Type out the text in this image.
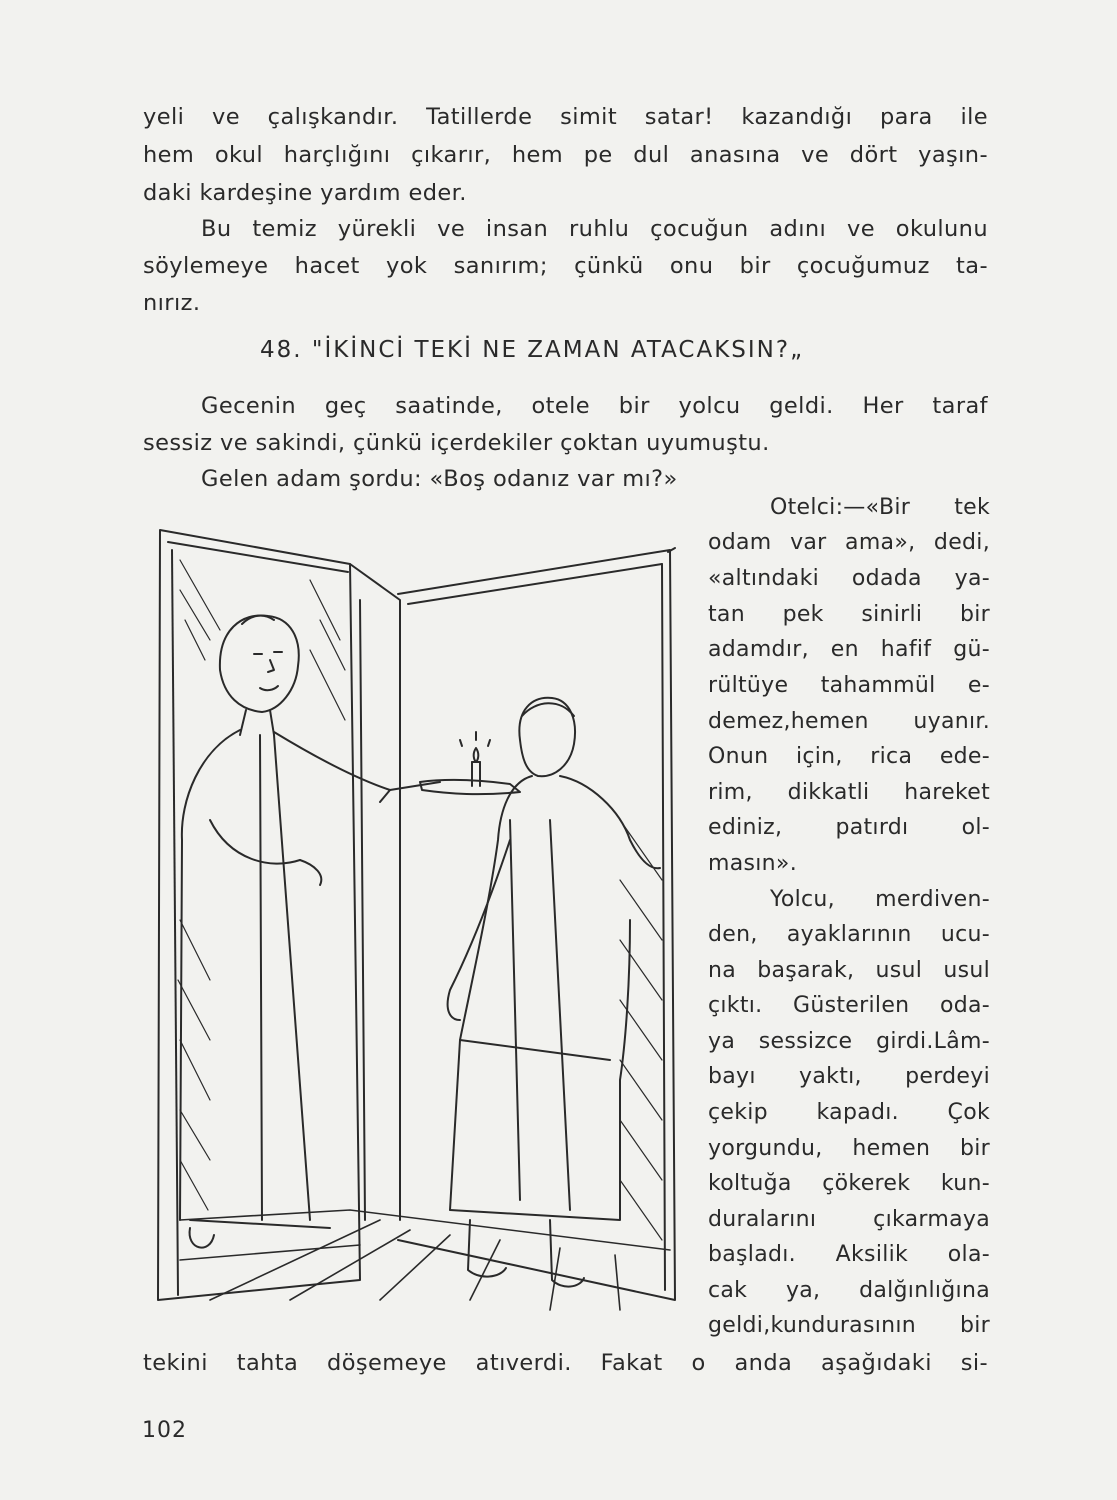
yeli ve çalışkandır. Tatillerde simit satar! kazandığı para ile
hem okul harçlığını çıkarır, hem pe dul anasına ve dört yaşın-
daki kardeşine yardım eder.
Bu temiz yürekli ve insan ruhlu çocuğun adını ve okulunu
söylemeye hacet yok sanırım; çünkü onu bir çocuğumuz ta-
nırız.
48. "İKİNCİ TEKİ NE ZAMAN ATACAKSIN?„
Gecenin geç saatinde, otele bir yolcu geldi. Her taraf
sessiz ve sakindi, çünkü içerdekiler çoktan uyumuştu.
Gelen adam şordu: «Boş odanız var mı?»
Otelci:—«Bir tek
odam var ama», dedi,
«altındaki odada ya-
tan pek sinirli bir
adamdır, en hafif gü-
rültüye tahammül e-
demez,hemen uyanır.
Onun için, rica ede-
rim, dikkatli hareket
ediniz, patırdı ol-
masın».
Yolcu, merdiven-
den, ayaklarının ucu-
na başarak, usul usul
çıktı. Güsterilen oda-
ya sessizce girdi.Lâm-
bayı yaktı, perdeyi
çekip kapadı. Çok
yorgundu, hemen bir
koltuğa çökerek kun-
duralarını çıkarmaya
başladı. Aksilik ola-
cak ya, dalğınlığına
geldi,kundurasının bir
tekini tahta döşemeye atıverdi. Fakat o anda aşağıdaki si-
102
